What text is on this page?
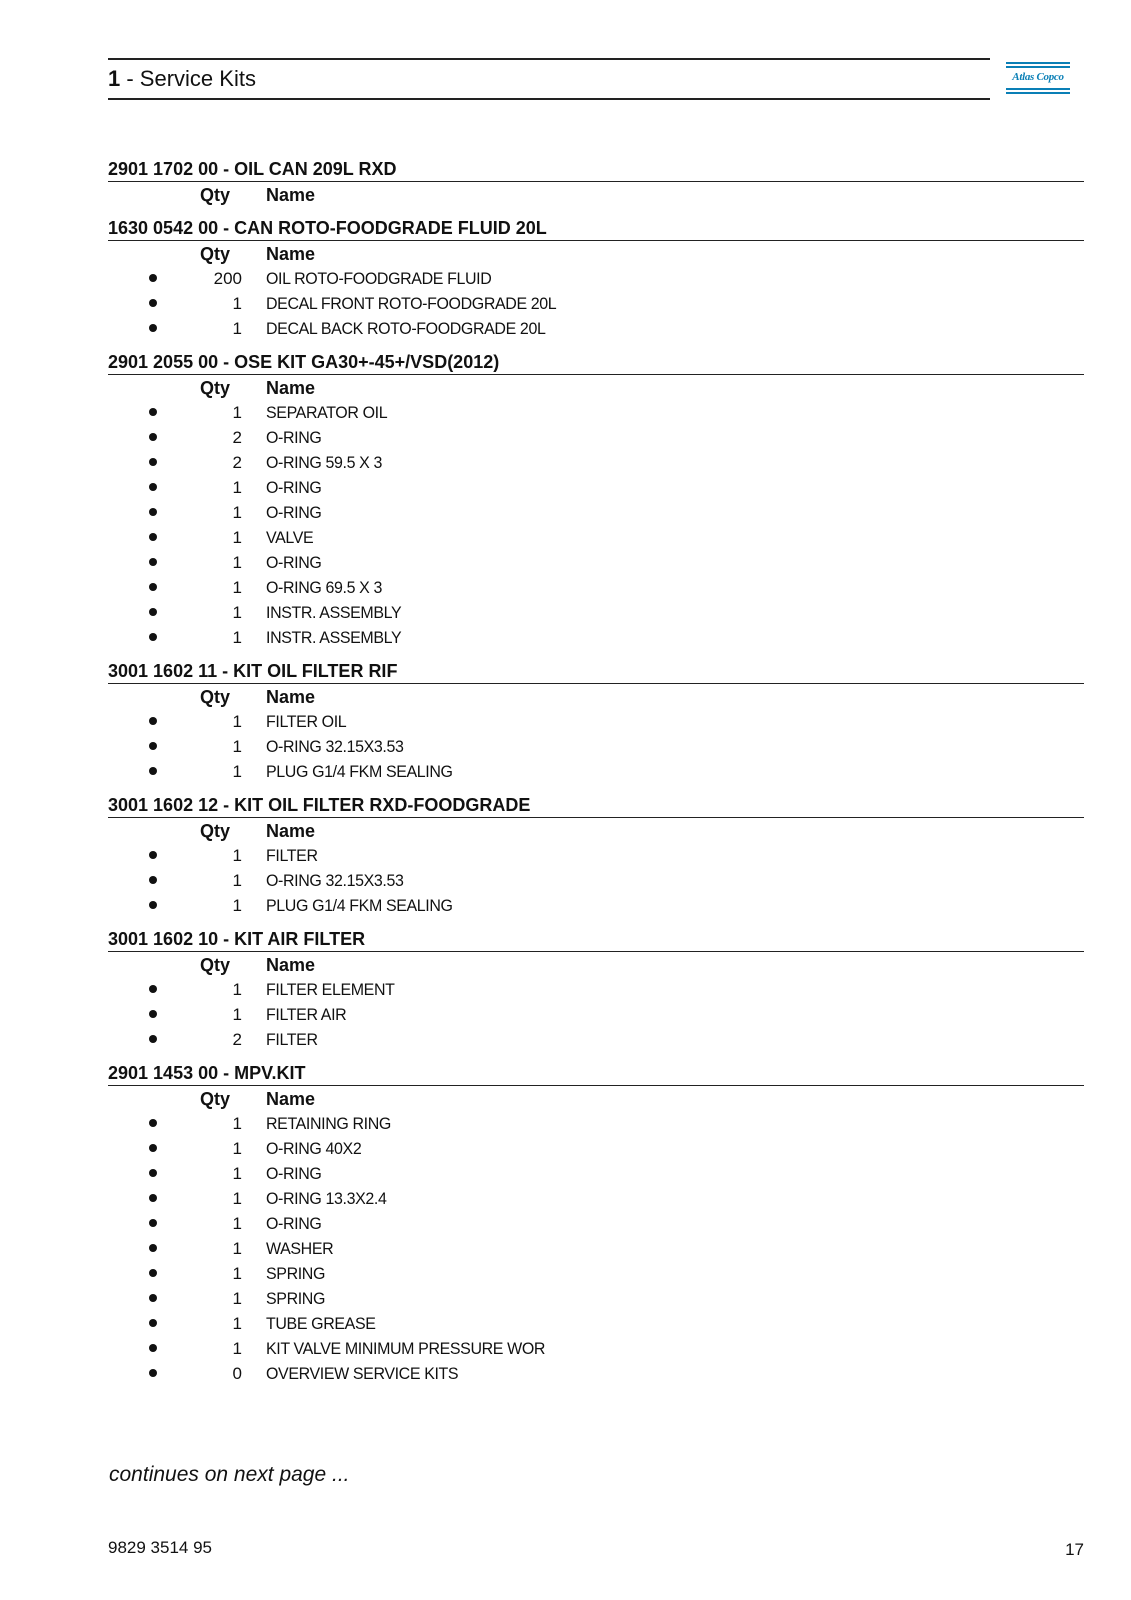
1 - Service Kits	Atlas Copco
2901 1702 00 - OIL CAN 209L RXD
Qty Name
1630 0542 00 - CAN ROTO-FOODGRADE FLUID 20L
Qty Name
200 OIL ROTO-FOODGRADE FLUID
1 DECAL FRONT ROTO-FOODGRADE 20L
1 DECAL BACK ROTO-FOODGRADE 20L
2901 2055 00 - OSE KIT GA30+-45+/VSD(2012)
Qty Name
1 SEPARATOR OIL
2 O-RING
2 O-RING 59.5 X 3
1 O-RING
1 O-RING
1 VALVE
1 O-RING
1 O-RING 69.5 X 3
1 INSTR. ASSEMBLY
1 INSTR. ASSEMBLY
3001 1602 11 - KIT OIL FILTER RIF
Qty Name
1 FILTER OIL
1 O-RING 32.15X3.53
1 PLUG G1/4 FKM SEALING
3001 1602 12 - KIT OIL FILTER RXD-FOODGRADE
Qty Name
1 FILTER
1 O-RING 32.15X3.53
1 PLUG G1/4 FKM SEALING
3001 1602 10 - KIT AIR FILTER
Qty Name
1 FILTER ELEMENT
1 FILTER AIR
2 FILTER
2901 1453 00 - MPV.KIT
Qty Name
1 RETAINING RING
1 O-RING 40X2
1 O-RING
1 O-RING 13.3X2.4
1 O-RING
1 WASHER
1 SPRING
1 SPRING
1 TUBE GREASE
1 KIT VALVE MINIMUM PRESSURE WOR
0 OVERVIEW SERVICE KITS
continues on next page ...
9829 3514 95	17
